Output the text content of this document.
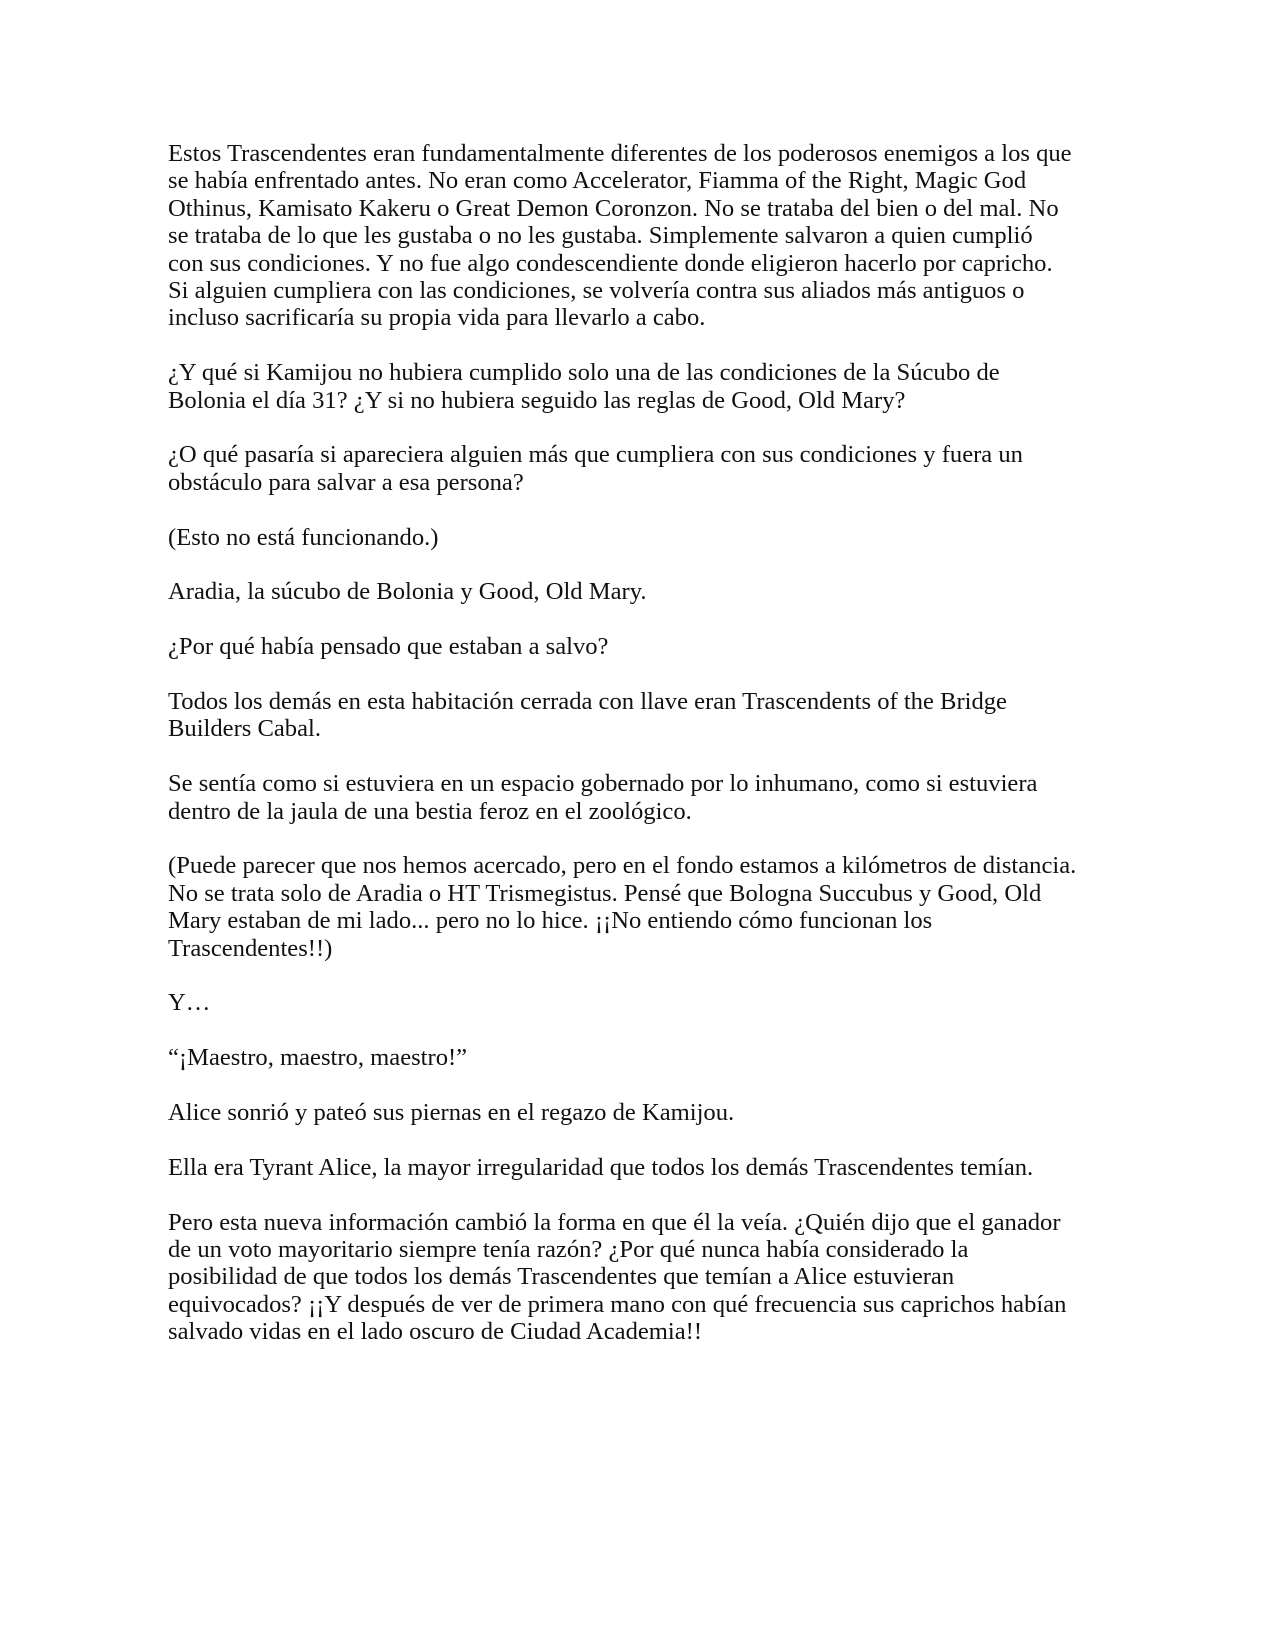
Estos Trascendentes eran fundamentalmente diferentes de los poderosos enemigos a los que
se había enfrentado antes. No eran como Accelerator, Fiamma of the Right, Magic God
Othinus, Kamisato Kakeru o Great Demon Coronzon. No se trataba del bien o del mal. No
se trataba de lo que les gustaba o no les gustaba. Simplemente salvaron a quien cumplió
con sus condiciones. Y no fue algo condescendiente donde eligieron hacerlo por capricho.
Si alguien cumpliera con las condiciones, se volvería contra sus aliados más antiguos o
incluso sacrificaría su propia vida para llevarlo a cabo.

¿Y qué si Kamijou no hubiera cumplido solo una de las condiciones de la Súcubo de
Bolonia el día 31? ¿Y si no hubiera seguido las reglas de Good, Old Mary?

¿O qué pasaría si apareciera alguien más que cumpliera con sus condiciones y fuera un
obstáculo para salvar a esa persona?

(Esto no está funcionando.)

Aradia, la súcubo de Bolonia y Good, Old Mary.

¿Por qué había pensado que estaban a salvo?

Todos los demás en esta habitación cerrada con llave eran Trascendents of the Bridge
Builders Cabal.

Se sentía como si estuviera en un espacio gobernado por lo inhumano, como si estuviera
dentro de la jaula de una bestia feroz en el zoológico.

(Puede parecer que nos hemos acercado, pero en el fondo estamos a kilómetros de distancia.
No se trata solo de Aradia o HT Trismegistus. Pensé que Bologna Succubus y Good, Old
Mary estaban de mi lado... pero no lo hice. ¡¡No entiendo cómo funcionan los
Trascendentes!!)

Y…

“¡Maestro, maestro, maestro!”

Alice sonrió y pateó sus piernas en el regazo de Kamijou.

Ella era Tyrant Alice, la mayor irregularidad que todos los demás Trascendentes temían.

Pero esta nueva información cambió la forma en que él la veía. ¿Quién dijo que el ganador
de un voto mayoritario siempre tenía razón? ¿Por qué nunca había considerado la
posibilidad de que todos los demás Trascendentes que temían a Alice estuvieran
equivocados? ¡¡Y después de ver de primera mano con qué frecuencia sus caprichos habían
salvado vidas en el lado oscuro de Ciudad Academia!!
